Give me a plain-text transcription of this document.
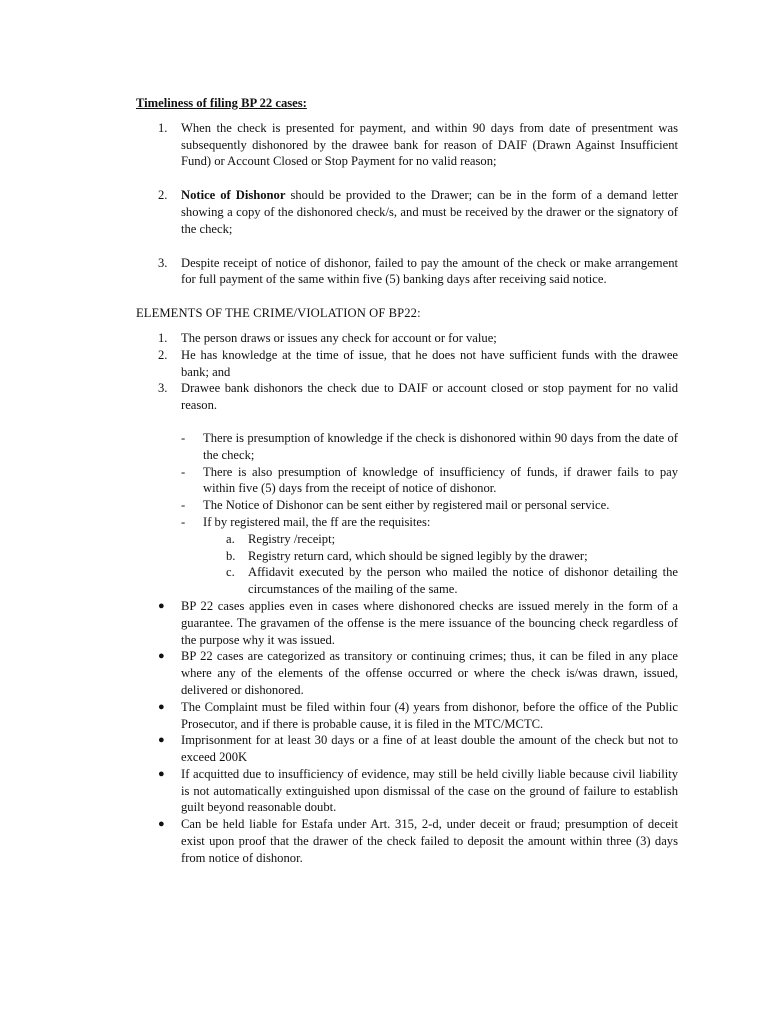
Timeliness of filing BP 22 cases:
1. When the check is presented for payment, and within 90 days from date of presentment was subsequently dishonored by the drawee bank for reason of DAIF (Drawn Against Insufficient Fund) or Account Closed or Stop Payment for no valid reason;
2. Notice of Dishonor should be provided to the Drawer; can be in the form of a demand letter showing a copy of the dishonored check/s, and must be received by the drawer or the signatory of the check;
3. Despite receipt of notice of dishonor, failed to pay the amount of the check or make arrangement for full payment of the same within five (5) banking days after receiving said notice.
ELEMENTS OF THE CRIME/VIOLATION OF BP22:
1. The person draws or issues any check for account or for value;
2. He has knowledge at the time of issue, that he does not have sufficient funds with the drawee bank; and
3. Drawee bank dishonors the check due to DAIF or account closed or stop payment for no valid reason.
- There is presumption of knowledge if the check is dishonored within 90 days from the date of the check;
- There is also presumption of knowledge of insufficiency of funds, if drawer fails to pay within five (5) days from the receipt of notice of dishonor.
- The Notice of Dishonor can be sent either by registered mail or personal service.
- If by registered mail, the ff are the requisites:
a. Registry /receipt;
b. Registry return card, which should be signed legibly by the drawer;
c. Affidavit executed by the person who mailed the notice of dishonor detailing the circumstances of the mailing of the same.
● BP 22 cases applies even in cases where dishonored checks are issued merely in the form of a guarantee. The gravamen of the offense is the mere issuance of the bouncing check regardless of the purpose why it was issued.
● BP 22 cases are categorized as transitory or continuing crimes; thus, it can be filed in any place where any of the elements of the offense occurred or where the check is/was drawn, issued, delivered or dishonored.
● The Complaint must be filed within four (4) years from dishonor, before the office of the Public Prosecutor, and if there is probable cause, it is filed in the MTC/MCTC.
● Imprisonment for at least 30 days or a fine of at least double the amount of the check but not to exceed 200K
● If acquitted due to insufficiency of evidence, may still be held civilly liable because civil liability is not automatically extinguished upon dismissal of the case on the ground of failure to establish guilt beyond reasonable doubt.
● Can be held liable for Estafa under Art. 315, 2-d, under deceit or fraud; presumption of deceit exist upon proof that the drawer of the check failed to deposit the amount within three (3) days from notice of dishonor.
